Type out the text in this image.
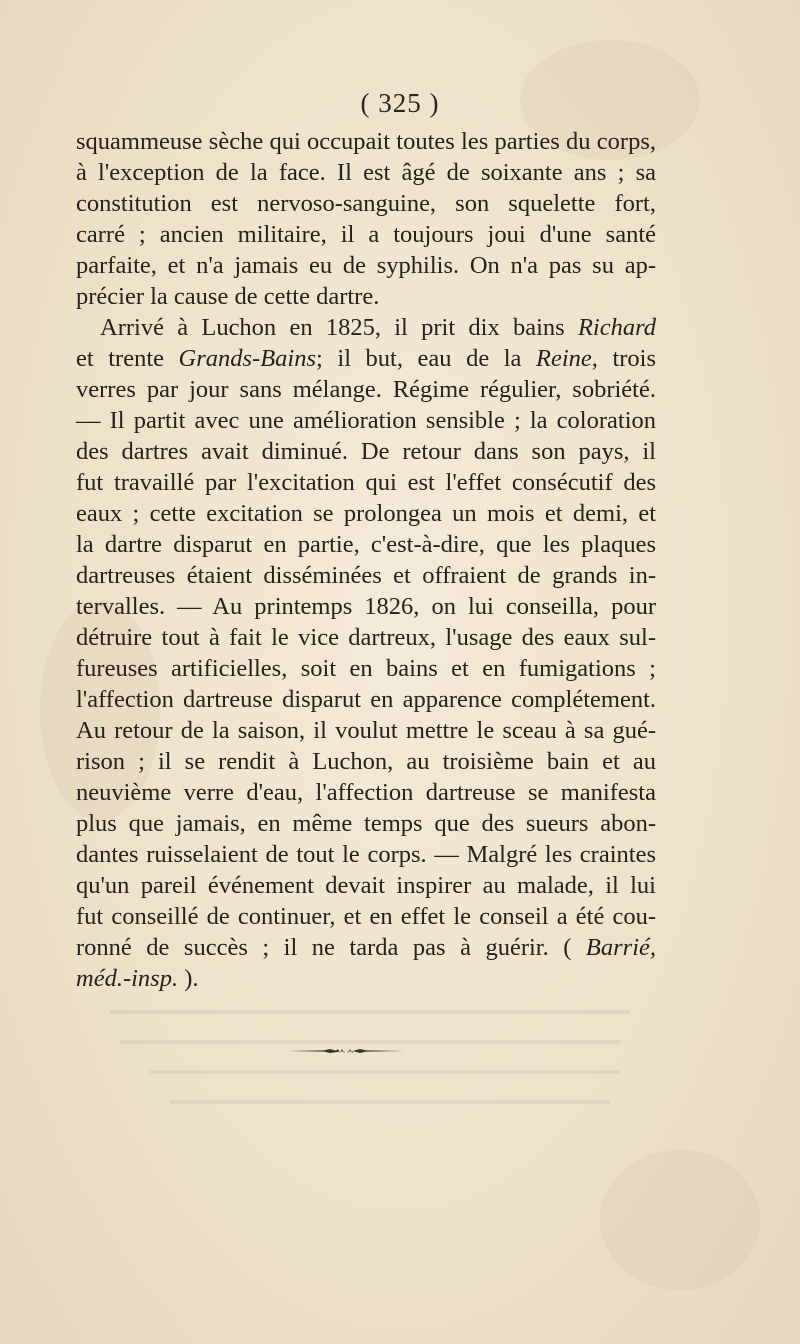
( 325 )
squammeuse sèche qui occupait toutes les parties du corps,
à l'exception de la face. Il est âgé de soixante ans ; sa
constitution est nervoso-sanguine, son squelette fort,
carré ; ancien militaire, il a toujours joui d'une santé
parfaite, et n'a jamais eu de syphilis. On n'a pas su ap-
précier la cause de cette dartre.
Arrivé à Luchon en 1825, il prit dix bains Richard
et trente Grands-Bains; il but, eau de la Reine, trois
verres par jour sans mélange. Régime régulier, sobriété.
— Il partit avec une amélioration sensible ; la coloration
des dartres avait diminué. De retour dans son pays, il
fut travaillé par l'excitation qui est l'effet consécutif des
eaux ; cette excitation se prolongea un mois et demi, et
la dartre disparut en partie, c'est-à-dire, que les plaques
dartreuses étaient disséminées et offraient de grands in-
tervalles. — Au printemps 1826, on lui conseilla, pour
détruire tout à fait le vice dartreux, l'usage des eaux sul-
fureuses artificielles, soit en bains et en fumigations ;
l'affection dartreuse disparut en apparence complétement.
Au retour de la saison, il voulut mettre le sceau à sa gué-
rison ; il se rendit à Luchon, au troisième bain et au
neuvième verre d'eau, l'affection dartreuse se manifesta
plus que jamais, en même temps que des sueurs abon-
dantes ruisselaient de tout le corps. — Malgré les craintes
qu'un pareil événement devait inspirer au malade, il lui
fut conseillé de continuer, et en effet le conseil a été cou-
ronné de succès ; il ne tarda pas à guérir. ( Barrié,
méd.-insp. ).
